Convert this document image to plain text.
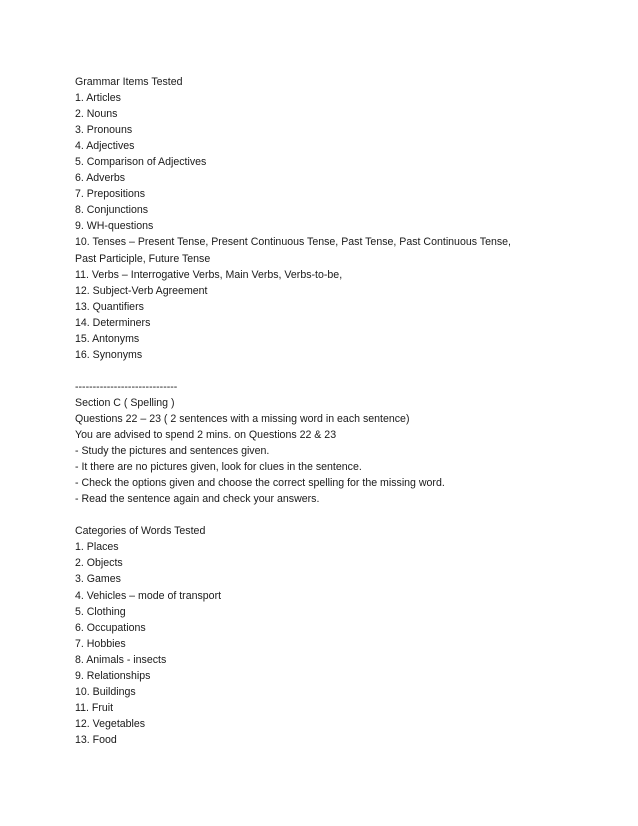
Grammar Items Tested
1. Articles
2. Nouns
3. Pronouns
4. Adjectives
5. Comparison of Adjectives
6. Adverbs
7. Prepositions
8. Conjunctions
9. WH-questions
10. Tenses – Present Tense, Present Continuous Tense, Past Tense, Past Continuous Tense,
Past Participle, Future Tense
11. Verbs – Interrogative Verbs, Main Verbs, Verbs-to-be,
12. Subject-Verb Agreement
13. Quantifiers
14. Determiners
15. Antonyms
16. Synonyms
-----------------------------
Section C ( Spelling )
Questions 22 – 23 ( 2 sentences with a missing word in each sentence)
You are advised to spend 2 mins. on Questions 22 & 23
- Study the pictures and sentences given.
- It there are no pictures given, look for clues in the sentence.
- Check the options given and choose the correct spelling for the missing word.
- Read the sentence again and check your answers.
Categories of Words Tested
1. Places
2. Objects
3. Games
4. Vehicles – mode of transport
5. Clothing
6. Occupations
7. Hobbies
8. Animals - insects
9. Relationships
10. Buildings
11. Fruit
12. Vegetables
13. Food
